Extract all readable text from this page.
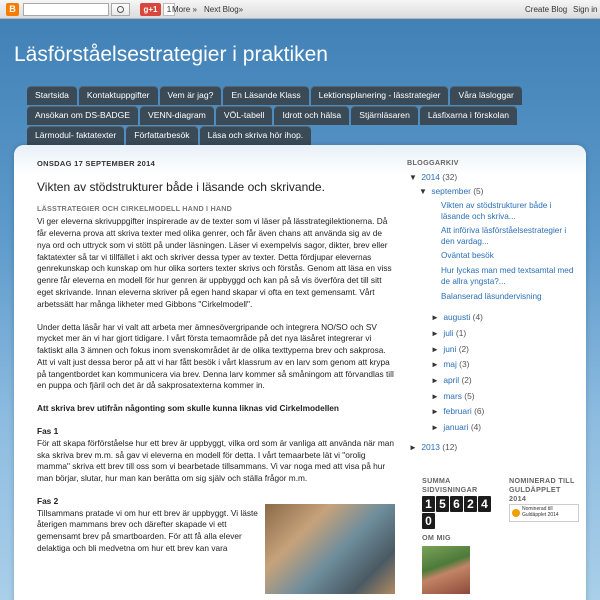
B	g+1	1 More » Next Blog»	Create Blog Sign in
Läsförståelsestrategier i praktiken
Startsida	Kontaktuppgifter	Vem är jag?	En Läsande Klass	Lektionsplanering - lässtrategier	Våra läsloggar
Ansökan om DS-BADGE	VENN-diagram	VÖL-tabell	Idrott och hälsa	Stjärnläsaren	Läsfixarna i förskolan
Lärmodul- faktatexter	Författarbesök	Läsa och skriva hör ihop.
ONSDAG 17 SEPTEMBER 2014
Vikten av stödstrukturer både i läsande och skrivande.
LÄSSTRATEGIER OCH CIRKELMODELL HAND I HAND

Vi ger eleverna skrivuppgifter inspirerade av de texter som vi läser på lässtrategilektionerna. Då får eleverna prova att skriva texter med olika genrer, och får även chans att använda sig av de nya ord och uttryck som vi stött på under läsningen. Läser vi exempelvis sagor, dikter, brev eller faktatexter så tar vi tillfället i akt och skriver dessa typer av texter. Detta fördjupar elevernas genrekunskap och kunskap om hur olika sorters texter skrivs och förstås. Genom att läsa en viss genre får eleverna en modell för hur genren är uppbyggd och kan på så vis överföra det till sitt eget skrivande. Innan eleverna skriver på egen hand skapar vi ofta en text gemensamt. Vårt arbetssätt har många likheter med Gibbons "Cirkelmodell".

Under detta läsår har vi valt att arbeta mer ämnesövergripande och integrera NO/SO och SV mycket mer än vi har gjort tidigare. I vårt första temaområde på det nya läsåret integrerar vi faktiskt alla 3 ämnen och fokus inom svenskområdet är de olika texttyperna brev och sakprosa. Att vi valt just dessa beror på att vi har fått besök i vårt klassrum av en larv som genom att krypa på tangentbordet kan kommunicera via brev. Denna larv kommer så småningom att förvandlas till en puppa och fjäril och det är då sakprosatexterna kommer in.

Att skriva brev utifrån någonting som skulle kunna liknas vid Cirkelmodellen

Fas 1

För att skapa förförståelse hur ett brev är uppbyggt, vilka ord som är vanliga att använda när man ska skriva brev m.m. så gav vi eleverna en modell för detta. I vårt temaarbete lät vi "orolig mamma" skriva ett brev till oss som vi bearbetade tillsammans. Vi var noga med att visa på hur man börjar, slutar, hur man kan berätta om sig själv och ställa frågor m.m.

Fas 2
Tillsammans pratade vi om hur ett brev är uppbyggt. Vi läste återigen mammans brev och därefter skapade vi ett gemensamt brev på smartboarden. För att få alla elever delaktiga och bli medvetna om hur ett brev kan vara
BLOGGARKIV
▼ 2014 (32)
▼ september (5)
Vikten av stödstrukturer både i läsande och skriva...
Att införiva läsförståelsestrategier i den vardag...
Oväntat besök
Hur lyckas man med textsamtal med de allra yngsta?...
Balanserad läsundervisning
► augusti (4)
► juli (1)
► juni (2)
► maj (3)
► april (2)
► mars (5)
► februari (6)
► januari (4)
► 2013 (12)
SUMMA
SIDVISNINGAR
NOMINERAD TILL
GULDÄPPLET
2014
1 5 6 2 4
0
Nominerad till Guldäpplet 2014
OM MIG
